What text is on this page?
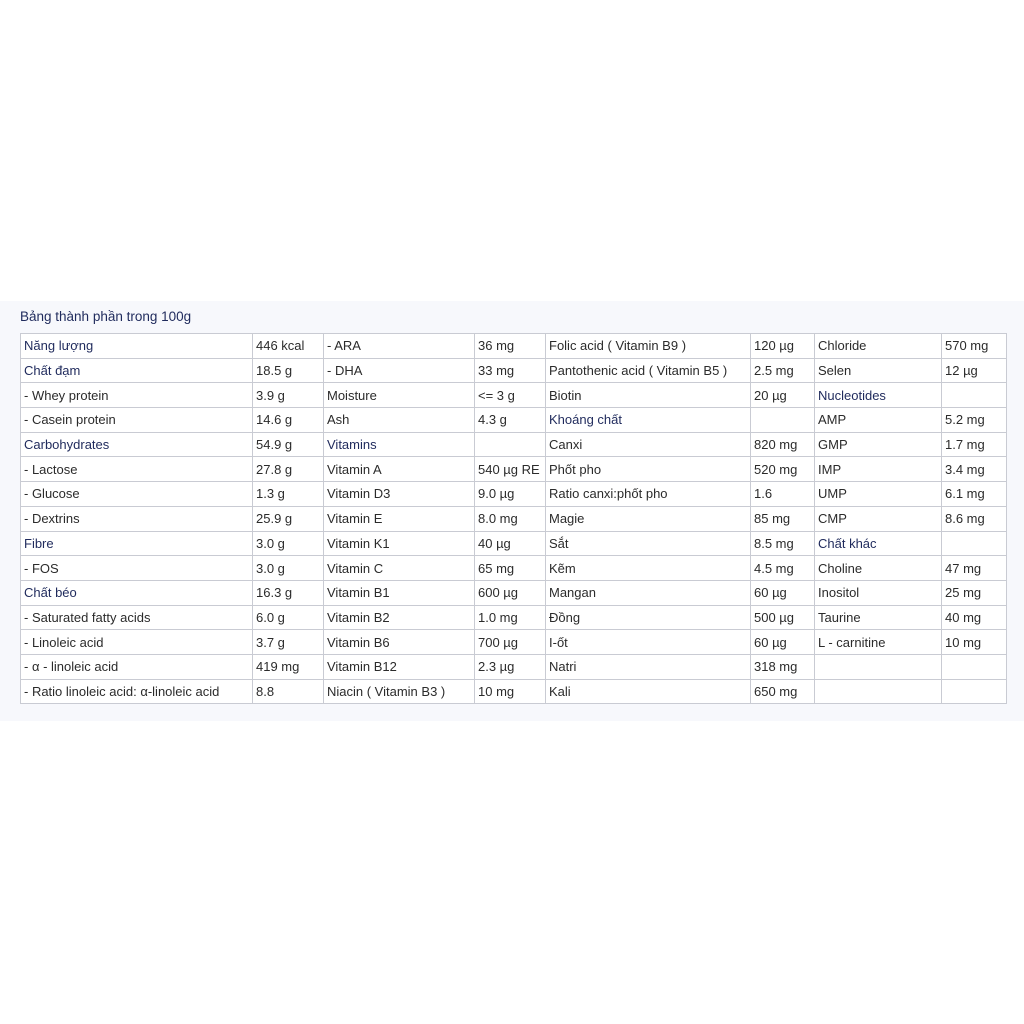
Bảng thành phần trong 100g
Năng lượng	446 kcal	- ARA	36 mg	Folic acid ( Vitamin B9 )	120 µg	Chloride	570 mg
Chất đạm	18.5 g	- DHA	33 mg	Pantothenic acid ( Vitamin B5 )	2.5 mg	Selen	12 µg
- Whey protein	3.9 g	Moisture	<= 3 g	Biotin	20 µg	Nucleotides	
- Casein protein	14.6 g	Ash	4.3 g	Khoáng chất		AMP	5.2 mg
Carbohydrates	54.9 g	Vitamins		Canxi	820 mg	GMP	1.7 mg
- Lactose	27.8 g	Vitamin A	540 µg RE	Phốt pho	520 mg	IMP	3.4 mg
- Glucose	1.3 g	Vitamin D3	9.0 µg	Ratio canxi:phốt pho	1.6	UMP	6.1 mg
- Dextrins	25.9 g	Vitamin E	8.0 mg	Magie	85 mg	CMP	8.6 mg
Fibre	3.0 g	Vitamin K1	40 µg	Sắt	8.5 mg	Chất khác	
- FOS	3.0 g	Vitamin C	65 mg	Kẽm	4.5 mg	Choline	47 mg
Chất béo	16.3 g	Vitamin B1	600 µg	Mangan	60 µg	Inositol	25 mg
- Saturated fatty acids	6.0 g	Vitamin B2	1.0 mg	Đồng	500 µg	Taurine	40 mg
- Linoleic acid	3.7 g	Vitamin B6	700 µg	I-ốt	60 µg	L - carnitine	10 mg
- α - linoleic acid	419 mg	Vitamin B12	2.3 µg	Natri	318 mg		
- Ratio linoleic acid: α-linoleic acid	8.8	Niacin ( Vitamin B3 )	10 mg	Kali	650 mg		
